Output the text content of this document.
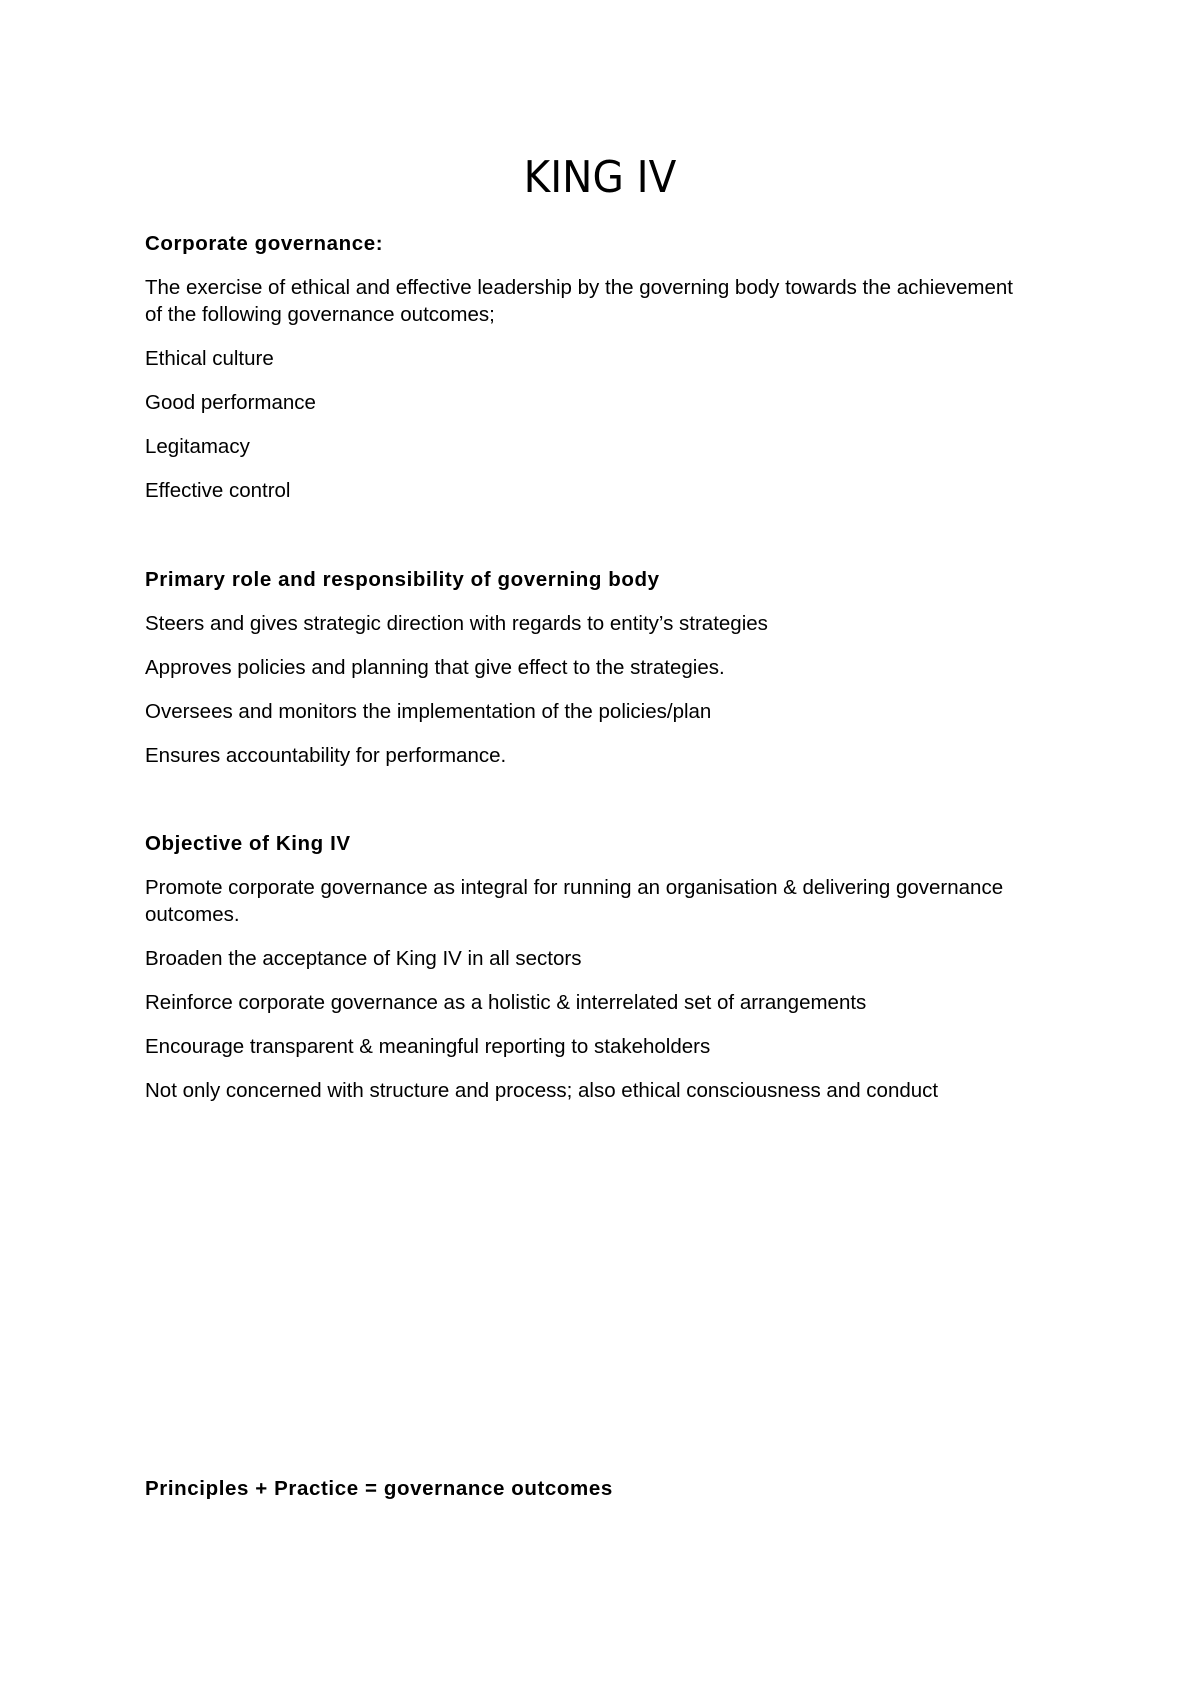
KING IV
Corporate governance:
The exercise of ethical and effective leadership by the governing body towards the achievement of the following governance outcomes;
Ethical culture
Good performance
Legitamacy
Effective control
Primary role and responsibility of governing body
Steers and gives strategic direction with regards to entity’s strategies
Approves policies and planning that give effect to the strategies.
Oversees and monitors the implementation of the policies/plan
Ensures accountability for performance.
Objective of King IV
Promote corporate governance as integral for running an organisation & delivering governance outcomes.
Broaden the acceptance of King IV in all sectors
Reinforce corporate governance as a holistic & interrelated set of arrangements
Encourage transparent & meaningful reporting to stakeholders
Not only concerned with structure and process; also ethical consciousness and conduct
Principles + Practice = governance outcomes
